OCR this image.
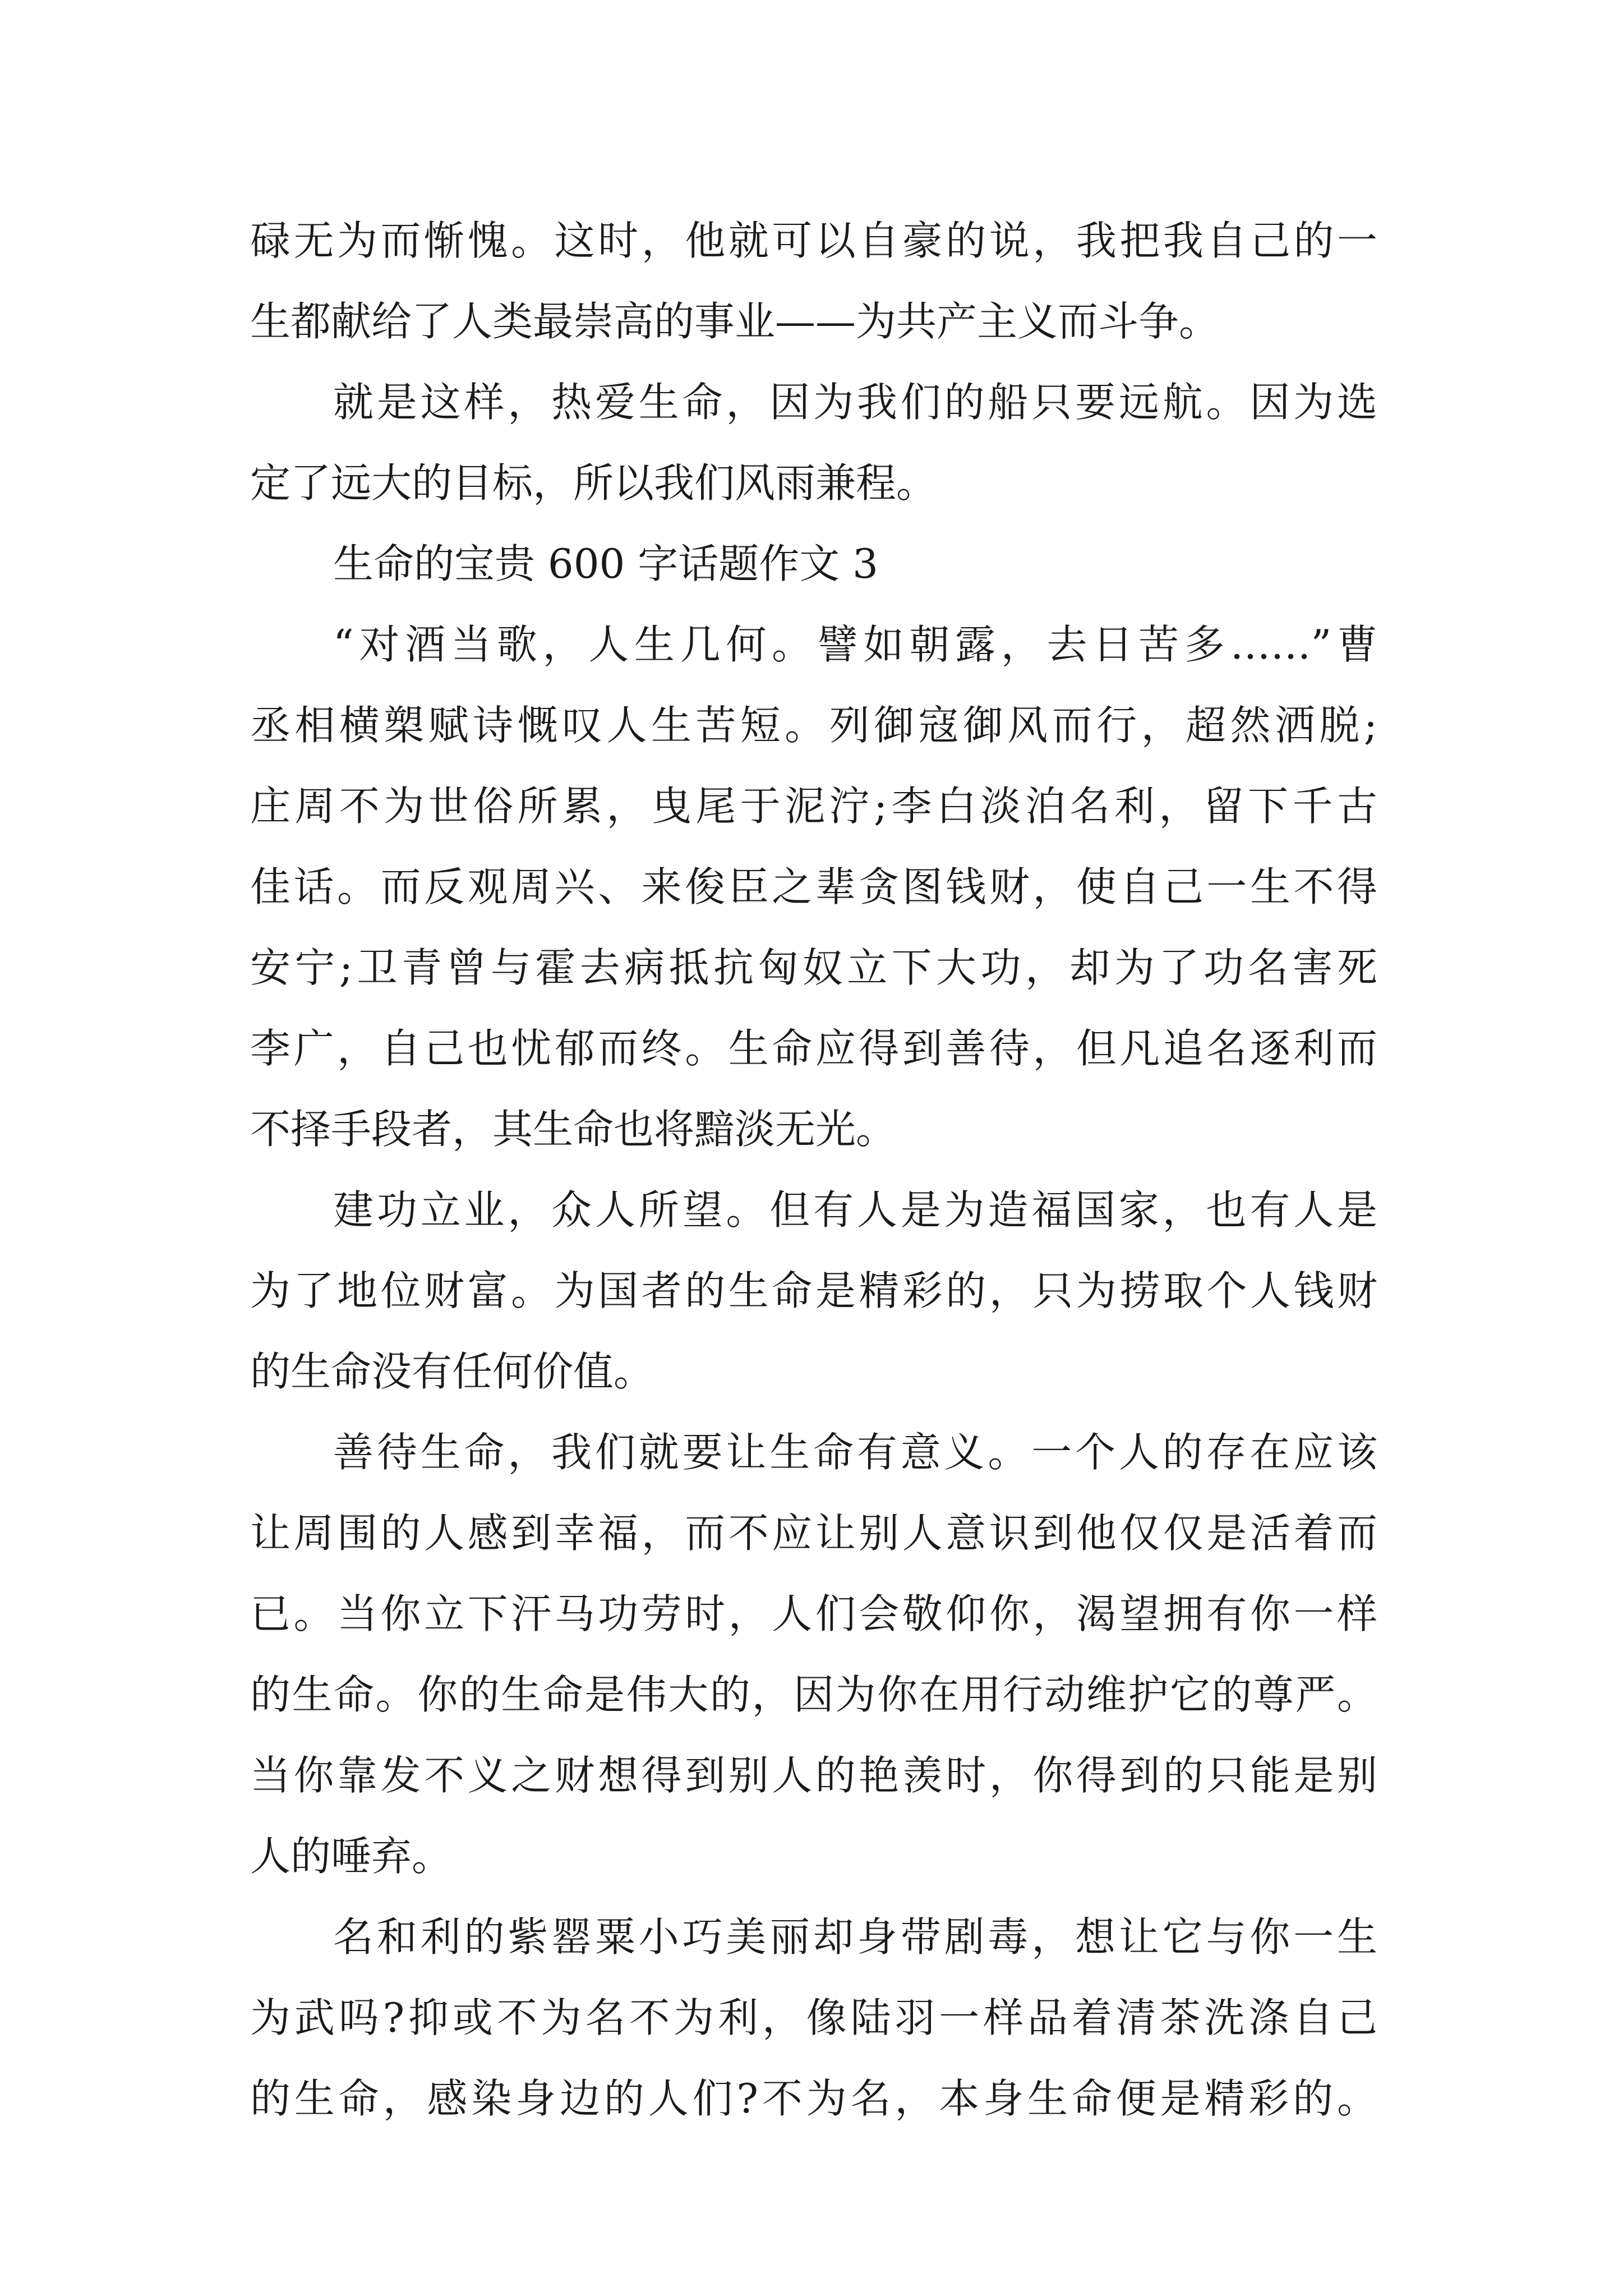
碌无为而惭愧。这时，他就可以自豪的说，我把我自己的一
生都献给了人类最崇高的事业——为共产主义而斗争。
就是这样，热爱生命，因为我们的船只要远航。因为选
定了远大的目标，所以我们风雨兼程。
生命的宝贵 600 字话题作文 3
“对酒当歌，人生几何。譬如朝露，去日苦多……”曹
丞相横槊赋诗慨叹人生苦短。列御寇御风而行，超然洒脱;
庄周不为世俗所累，曳尾于泥泞;李白淡泊名利，留下千古
佳话。而反观周兴、来俊臣之辈贪图钱财，使自己一生不得
安宁;卫青曾与霍去病抵抗匈奴立下大功，却为了功名害死
李广，自己也忧郁而终。生命应得到善待，但凡追名逐利而
不择手段者，其生命也将黯淡无光。
建功立业，众人所望。但有人是为造福国家，也有人是
为了地位财富。为国者的生命是精彩的，只为捞取个人钱财
的生命没有任何价值。
善待生命，我们就要让生命有意义。一个人的存在应该
让周围的人感到幸福，而不应让别人意识到他仅仅是活着而
已。当你立下汗马功劳时，人们会敬仰你，渴望拥有你一样
的生命。你的生命是伟大的，因为你在用行动维护它的尊严。
当你靠发不义之财想得到别人的艳羡时，你得到的只能是别
人的唾弃。
名和利的紫罂粟小巧美丽却身带剧毒，想让它与你一生
为武吗?抑或不为名不为利，像陆羽一样品着清茶洗涤自己
的生命，感染身边的人们?不为名，本身生命便是精彩的。
